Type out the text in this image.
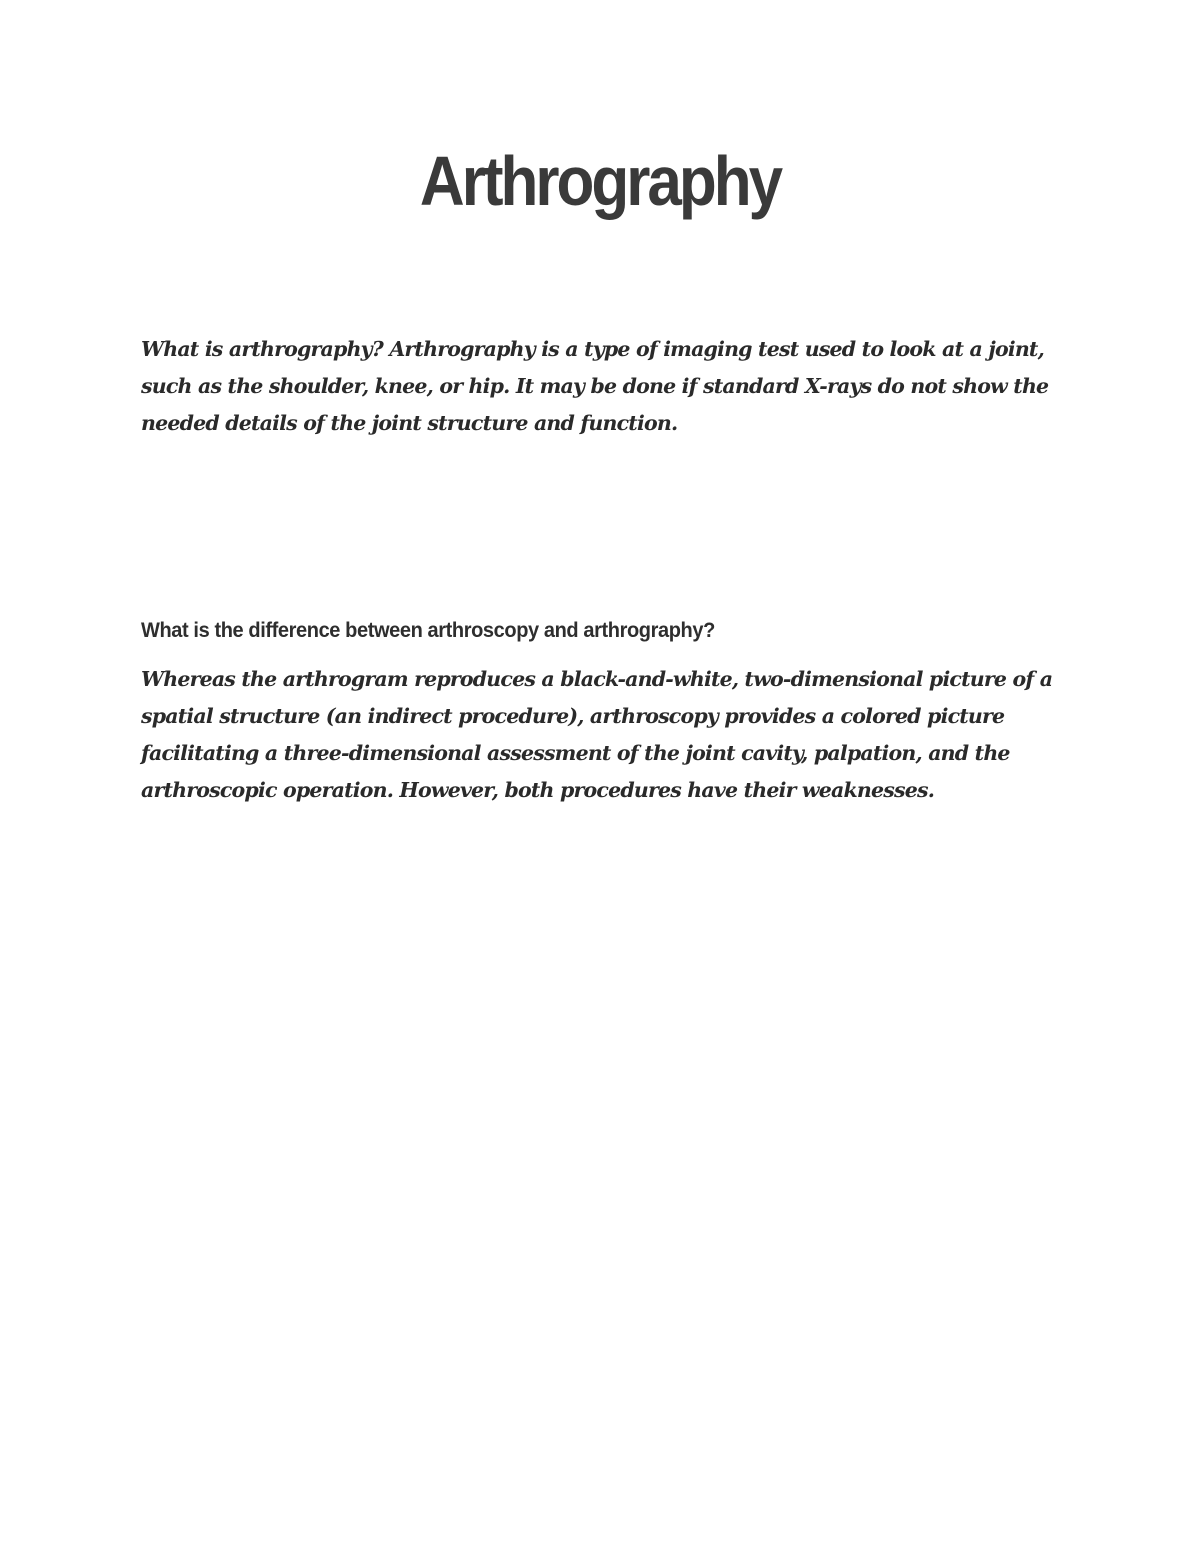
Arthrography

What is arthrography? Arthrography is a type of imaging test used to look at a joint, such as the shoulder, knee, or hip. It may be done if standard X-rays do not show the needed details of the joint structure and function.

What is the difference between arthroscopy and arthrography?

Whereas the arthrogram reproduces a black-and-white, two-dimensional picture of a spatial structure (an indirect procedure), arthroscopy provides a colored picture facilitating a three-dimensional assessment of the joint cavity, palpation, and the arthroscopic operation. However, both procedures have their weaknesses.
